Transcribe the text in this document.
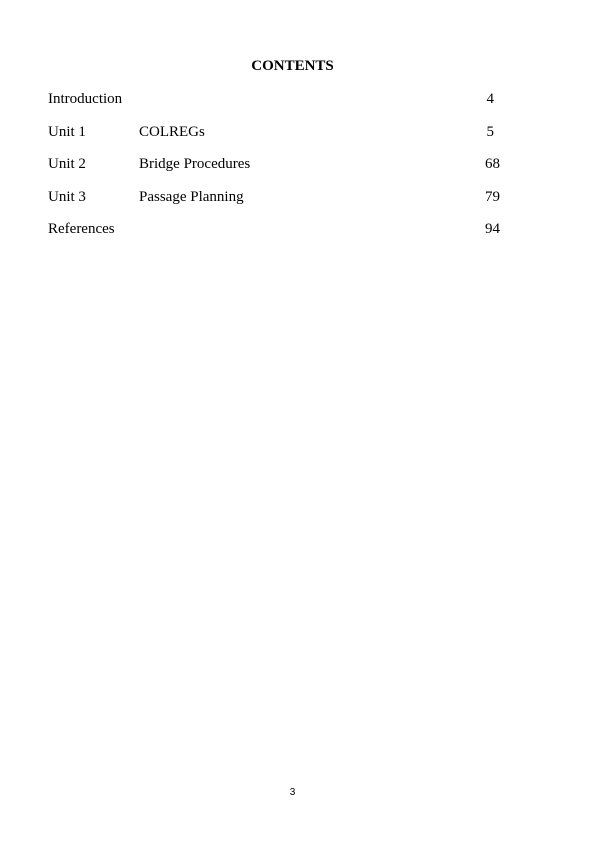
CONTENTS
Introduction	4
Unit 1	COLREGs	5
Unit 2	Bridge Procedures	68
Unit 3	Passage Planning	79
References	94
3
